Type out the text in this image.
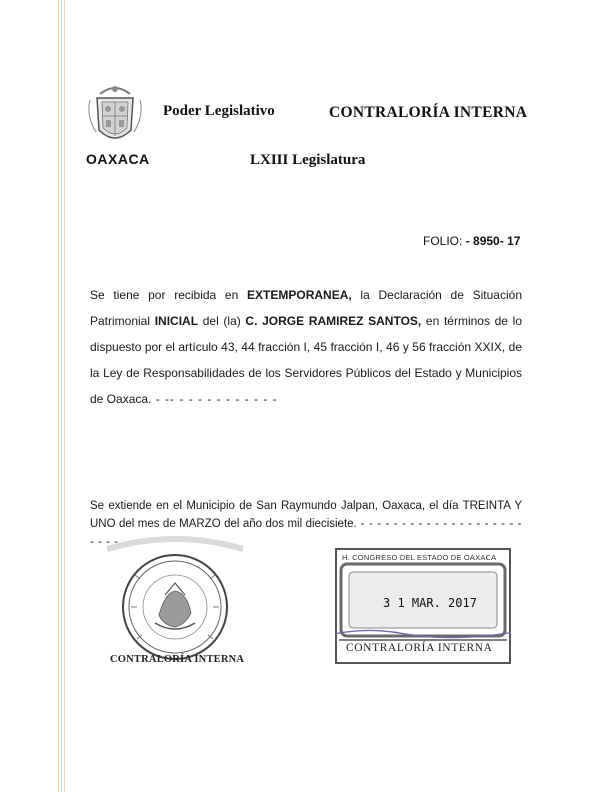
OAXACA
Poder Legislativo	CONTRALORÍA INTERNA
LXIII Legislatura
FOLIO: - 8950- 17
Se tiene por recibida en EXTEMPORANEA, la Declaración de Situación Patrimonial INICIAL del (la) C. JORGE RAMIREZ SANTOS, en términos de lo dispuesto por el artículo 43, 44 fracción I, 45 fracción I, 46 y 56 fracción XXIX, de la Ley de Responsabilidades de los Servidores Públicos del Estado y Municipios de Oaxaca. - -- - - - - - - - - - - -
Se extiende en el Municipio de San Raymundo Jalpan, Oaxaca, el día TREINTA Y UNO del mes de MARZO del año dos mil diecisiete. - - - - - - - - - - - - - - - - - - - - - - - -
CONTRALORÍA INTERNA
H. CONGRESO DEL ESTADO DE OAXACA
3 1 MAR. 2017
CONTRALORÍA INTERNA
